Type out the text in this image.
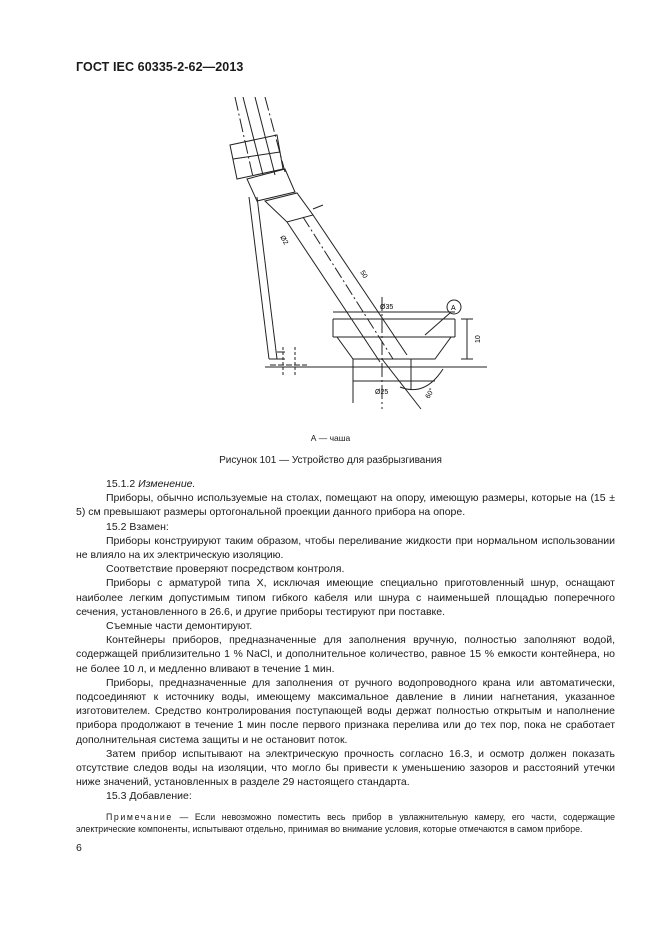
ГОСТ IEC 60335-2-62—2013
Ø2
50
Ø35	A
10
Ø25	60°
А — чаша
Рисунок 101 — Устройство для разбрызгивания

15.1.2 Изменение.

Приборы, обычно используемые на столах, помещают на опору, имеющую размеры, которые на (15 ± 5) см превышают размеры ортогональной проекции данного прибора на опоре.

15.2 Взамен:

Приборы конструируют таким образом, чтобы переливание жидкости при нормальном использовании не влияло на их электрическую изоляцию.

Соответствие проверяют посредством контроля.

Приборы с арматурой типа X, исключая имеющие специально приготовленный шнур, оснащают наиболее легким допустимым типом гибкого кабеля или шнура с наименьшей площадью поперечного сечения, установленного в 26.6, и другие приборы тестируют при поставке.

Съемные части демонтируют.

Контейнеры приборов, предназначенные для заполнения вручную, полностью заполняют водой, содержащей приблизительно 1 % NaCl, и дополнительное количество, равное 15 % емкости контейнера, но не более 10 л, и медленно вливают в течение 1 мин.

Приборы, предназначенные для заполнения от ручного водопроводного крана или автоматически, подсоединяют к источнику воды, имеющему максимальное давление в линии нагнетания, указанное изготовителем. Средство контролирования поступающей воды держат полностью открытым и наполнение прибора продолжают в течение 1 мин после первого признака перелива или до тех пор, пока не сработает дополнительная система защиты и не остановит поток.

Затем прибор испытывают на электрическую прочность согласно 16.3, и осмотр должен показать отсутствие следов воды на изоляции, что могло бы привести к уменьшению зазоров и расстояний утечки ниже значений, установленных в разделе 29 настоящего стандарта.

15.3 Добавление:

Примечание — Если невозможно поместить весь прибор в увлажнительную камеру, его части, содержащие электрические компоненты, испытывают отдельно, принимая во внимание условия, которые отмечаются в самом приборе.

6
